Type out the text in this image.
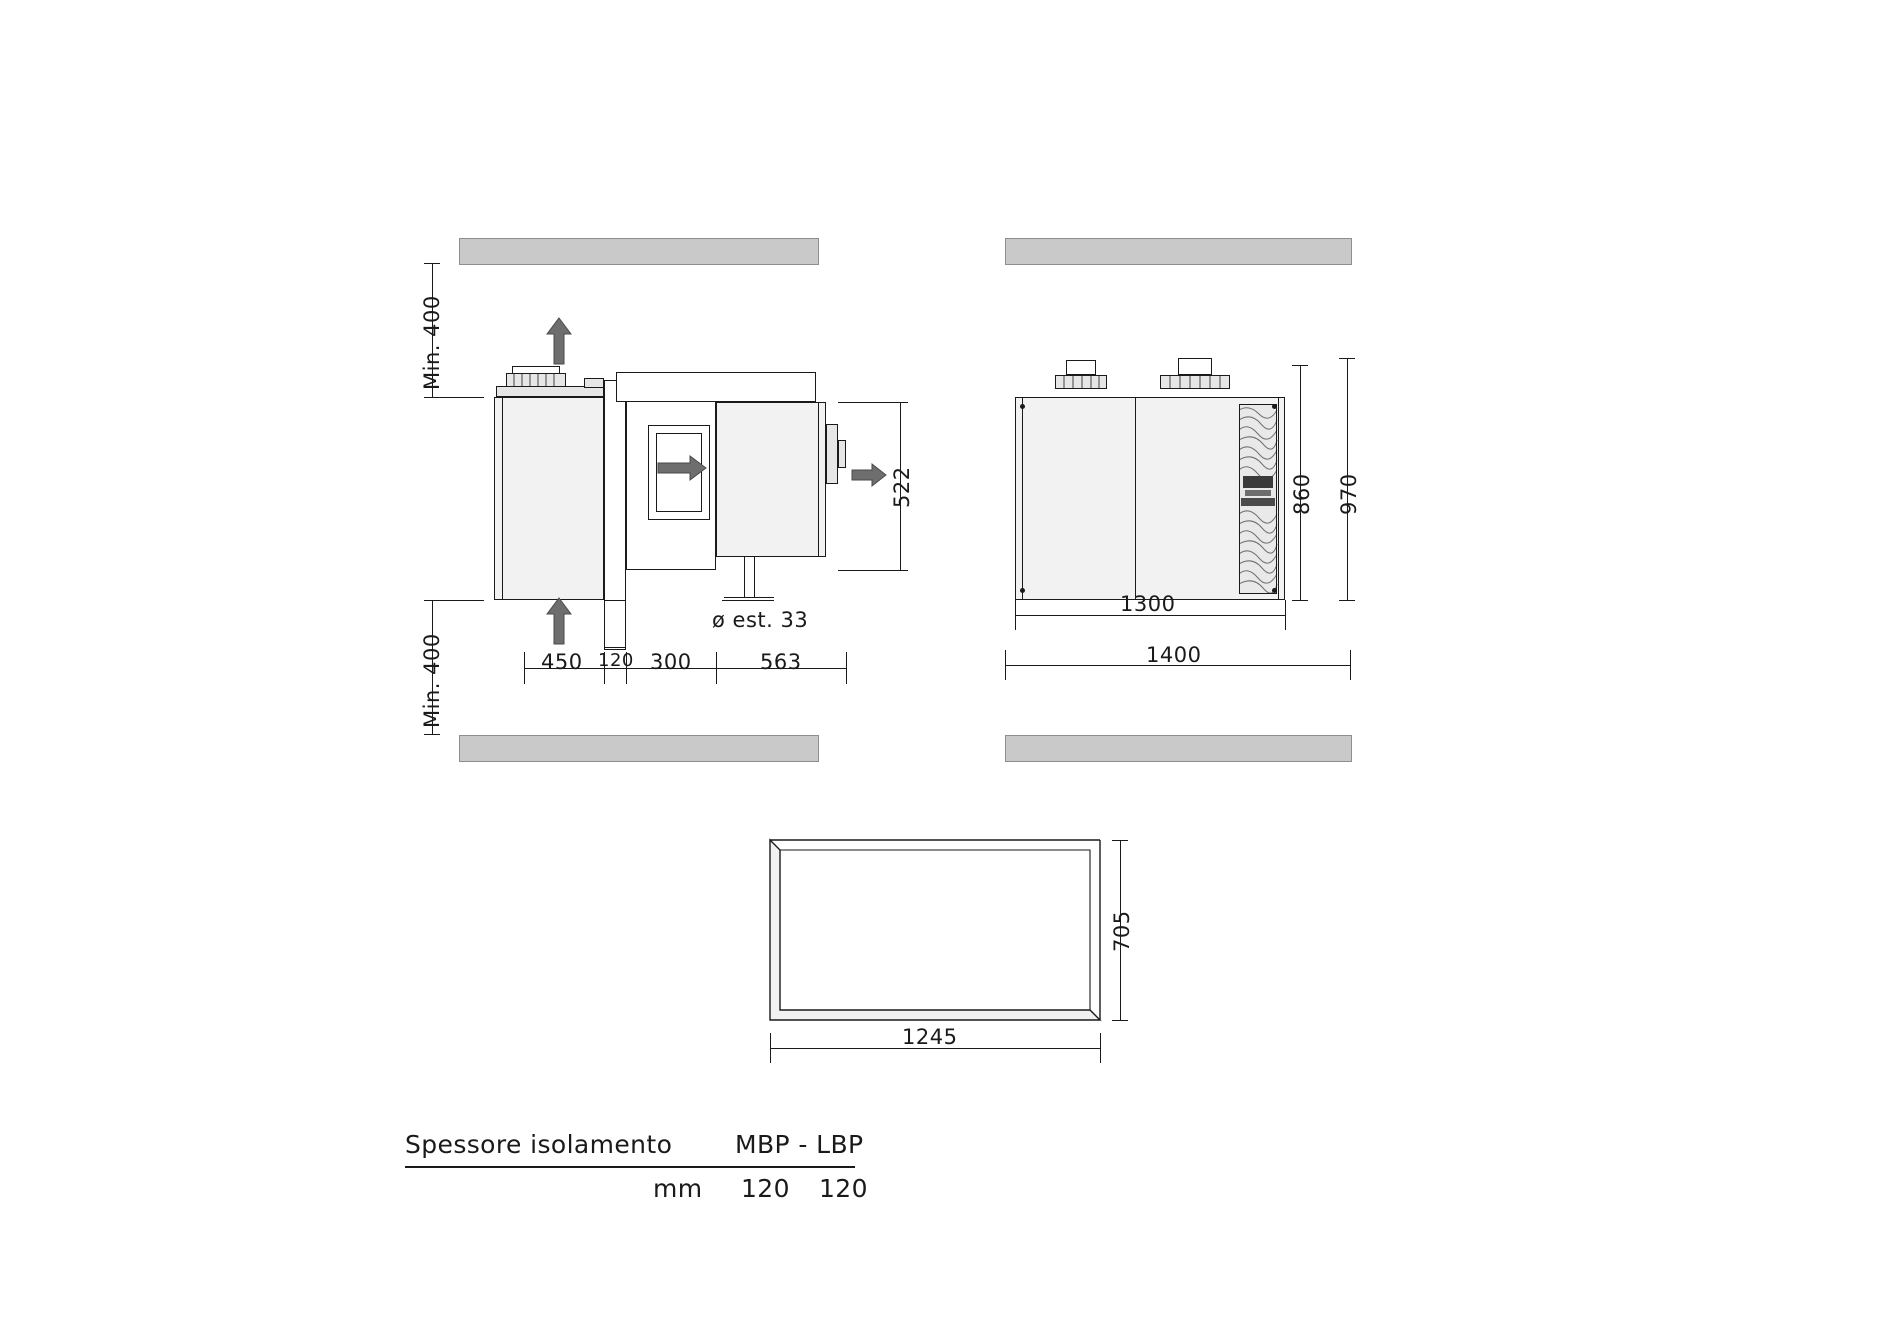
Min. 400
Min. 400
522
ø est. 33
450 120 300	563
860 970
1300
1400
705
1245
Spessore isolamento	MBP - LBP
mm 120 120
